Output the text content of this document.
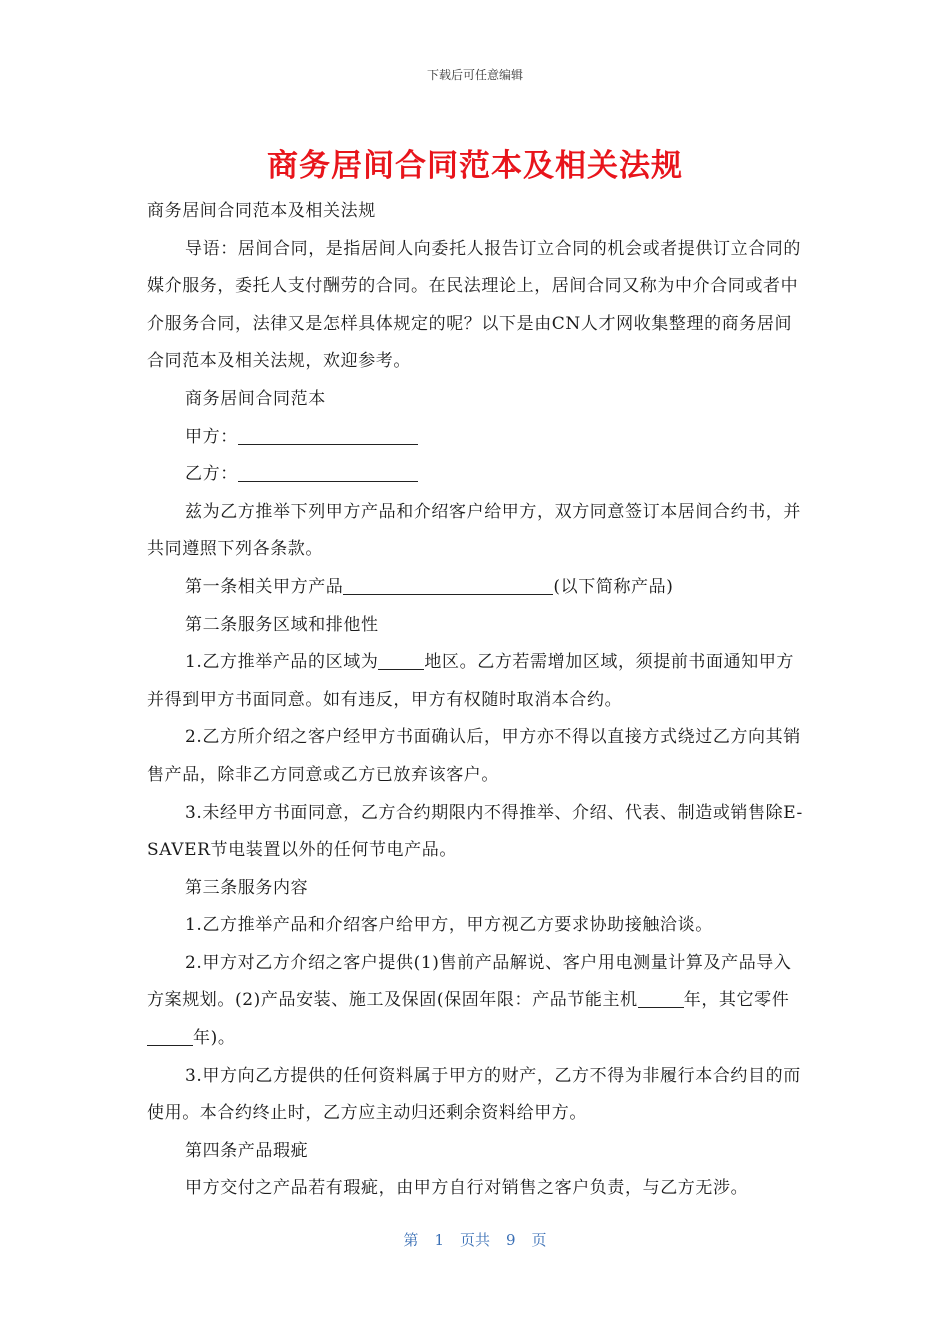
下载后可任意编辑
商务居间合同范本及相关法规

商务居间合同范本及相关法规

导语：居间合同，是指居间人向委托人报告订立合同的机会或者提供订立合同的媒介服务，委托人支付酬劳的合同。在民法理论上，居间合同又称为中介合同或者中介服务合同，法律又是怎样具体规定的呢？以下是由CN人才网收集整理的商务居间合同范本及相关法规，欢迎参考。

商务居间合同范本

甲方：

乙方：

兹为乙方推举下列甲方产品和介绍客户给甲方，双方同意签订本居间合约书，并共同遵照下列各条款。

第一条相关甲方产品	(以下简称产品)

第二条服务区域和排他性

1.乙方推举产品的区域为	地区。乙方若需增加区域，须提前书面通知甲方并得到甲方书面同意。如有违反，甲方有权随时取消本合约。

2.乙方所介绍之客户经甲方书面确认后，甲方亦不得以直接方式绕过乙方向其销售产品，除非乙方同意或乙方已放弃该客户。

3.未经甲方书面同意，乙方合约期限内不得推举、介绍、代表、制造或销售除E-SAVER节电装置以外的任何节电产品。

第三条服务内容

1.乙方推举产品和介绍客户给甲方，甲方视乙方要求协助接触洽谈。

2.甲方对乙方介绍之客户提供(1)售前产品解说、客户用电测量计算及产品导入方案规划。(2)产品安装、施工及保固(保固年限：产品节能主机	年，其它零件年)。

3.甲方向乙方提供的任何资料属于甲方的财产，乙方不得为非履行本合约目的而使用。本合约终止时，乙方应主动归还剩余资料给甲方。

第四条产品瑕疵

甲方交付之产品若有瑕疵，由甲方自行对销售之客户负责，与乙方无涉。

第 1 页共 9 页
